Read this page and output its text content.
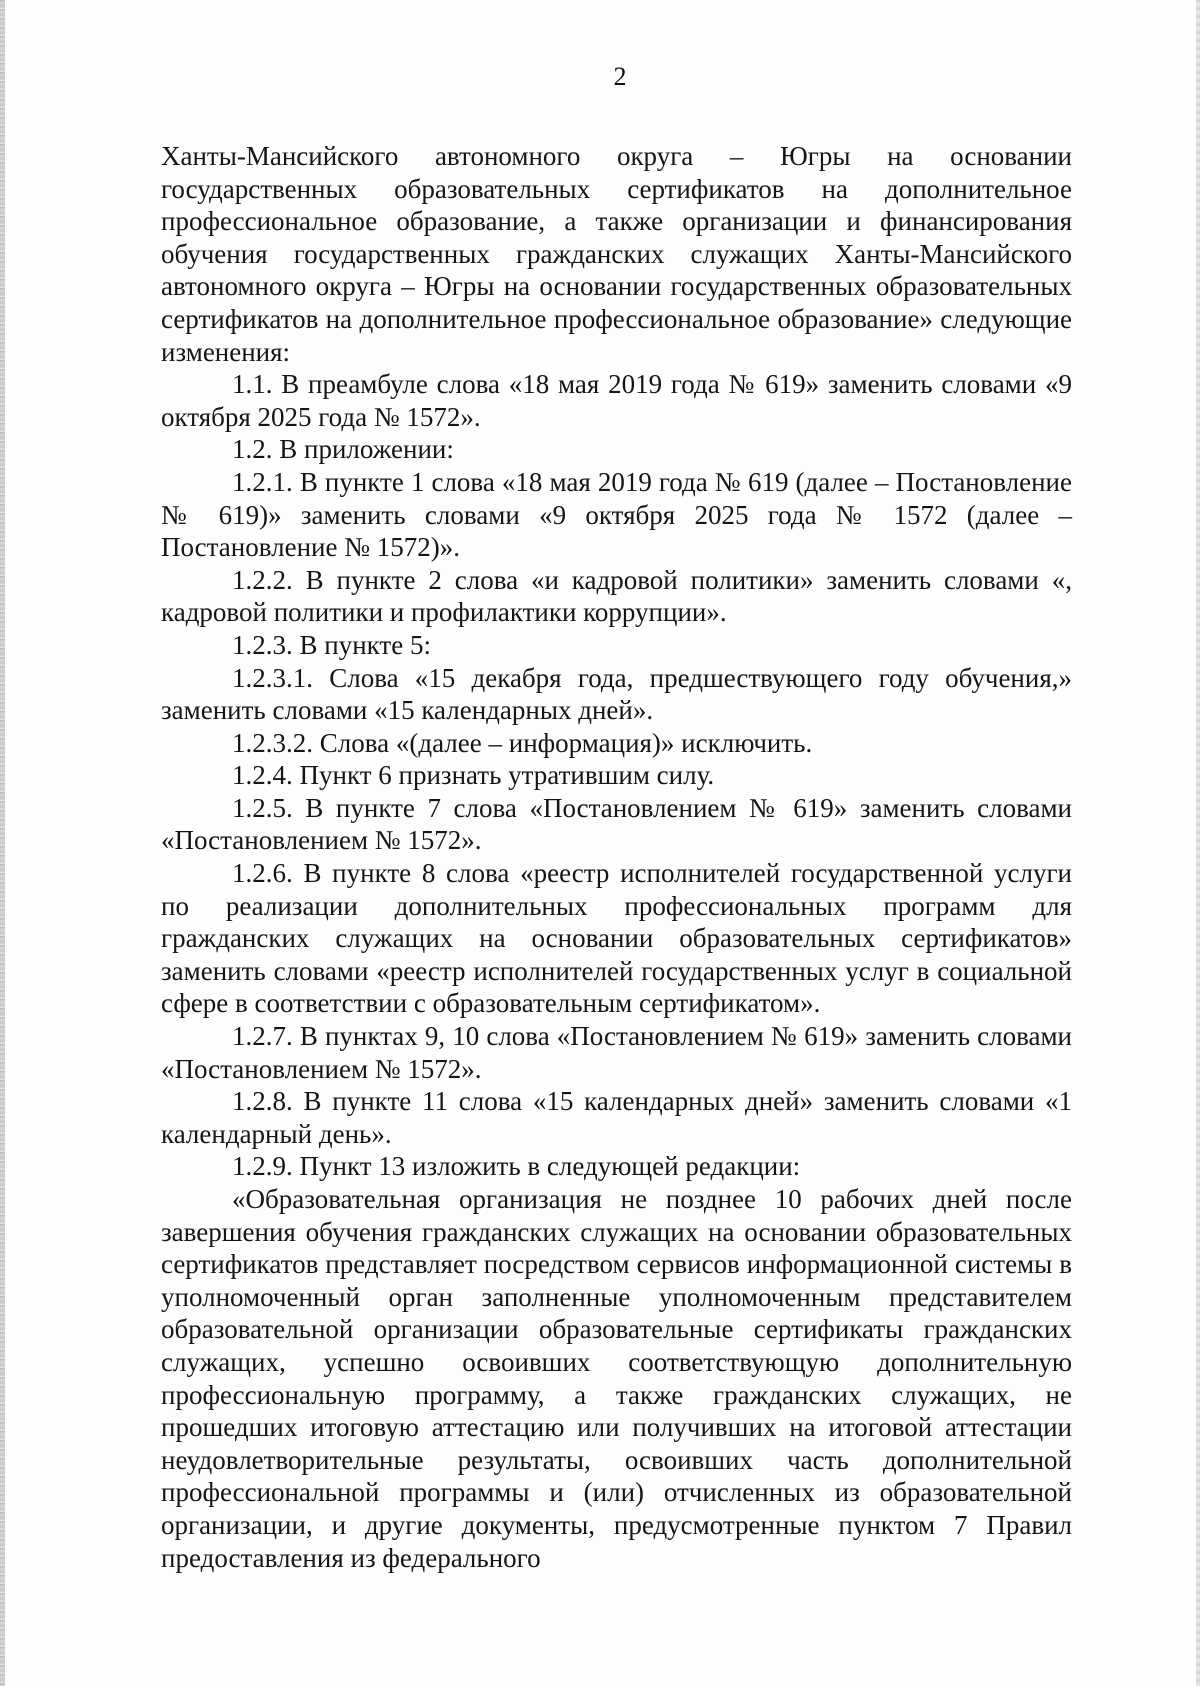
2

Ханты-Мансийского автономного округа – Югры на основании государственных образовательных сертификатов на дополнительное профессиональное образование, а также организации и финансирования обучения государственных гражданских служащих Ханты-Мансийского автономного округа – Югры на основании государственных образовательных сертификатов на дополнительное профессиональное образование» следующие изменения:

1.1. В преамбуле слова «18 мая 2019 года № 619» заменить словами «9 октября 2025 года № 1572».

1.2. В приложении:

1.2.1. В пункте 1 слова «18 мая 2019 года № 619 (далее – Постановление № 619)» заменить словами «9 октября 2025 года № 1572 (далее – Постановление № 1572)».

1.2.2. В пункте 2 слова «и кадровой политики» заменить словами «, кадровой политики и профилактики коррупции».

1.2.3. В пункте 5:

1.2.3.1. Слова «15 декабря года, предшествующего году обучения,» заменить словами «15 календарных дней».

1.2.3.2. Слова «(далее – информация)» исключить.

1.2.4. Пункт 6 признать утратившим силу.

1.2.5. В пункте 7 слова «Постановлением № 619» заменить словами «Постановлением № 1572».

1.2.6. В пункте 8 слова «реестр исполнителей государственной услуги по реализации дополнительных профессиональных программ для гражданских служащих на основании образовательных сертификатов» заменить словами «реестр исполнителей государственных услуг в социальной сфере в соответствии с образовательным сертификатом».

1.2.7. В пунктах 9, 10 слова «Постановлением № 619» заменить словами «Постановлением № 1572».

1.2.8. В пункте 11 слова «15 календарных дней» заменить словами «1 календарный день».

1.2.9. Пункт 13 изложить в следующей редакции:

«Образовательная организация не позднее 10 рабочих дней после завершения обучения гражданских служащих на основании образовательных сертификатов представляет посредством сервисов информационной системы в уполномоченный орган заполненные уполномоченным представителем образовательной организации образовательные сертификаты гражданских служащих, успешно освоивших соответствующую дополнительную профессиональную программу, а также гражданских служащих, не прошедших итоговую аттестацию или получивших на итоговой аттестации неудовлетворительные результаты, освоивших часть дополнительной профессиональной программы и (или) отчисленных из образовательной организации, и другие документы, предусмотренные пунктом 7 Правил предоставления из федерального
